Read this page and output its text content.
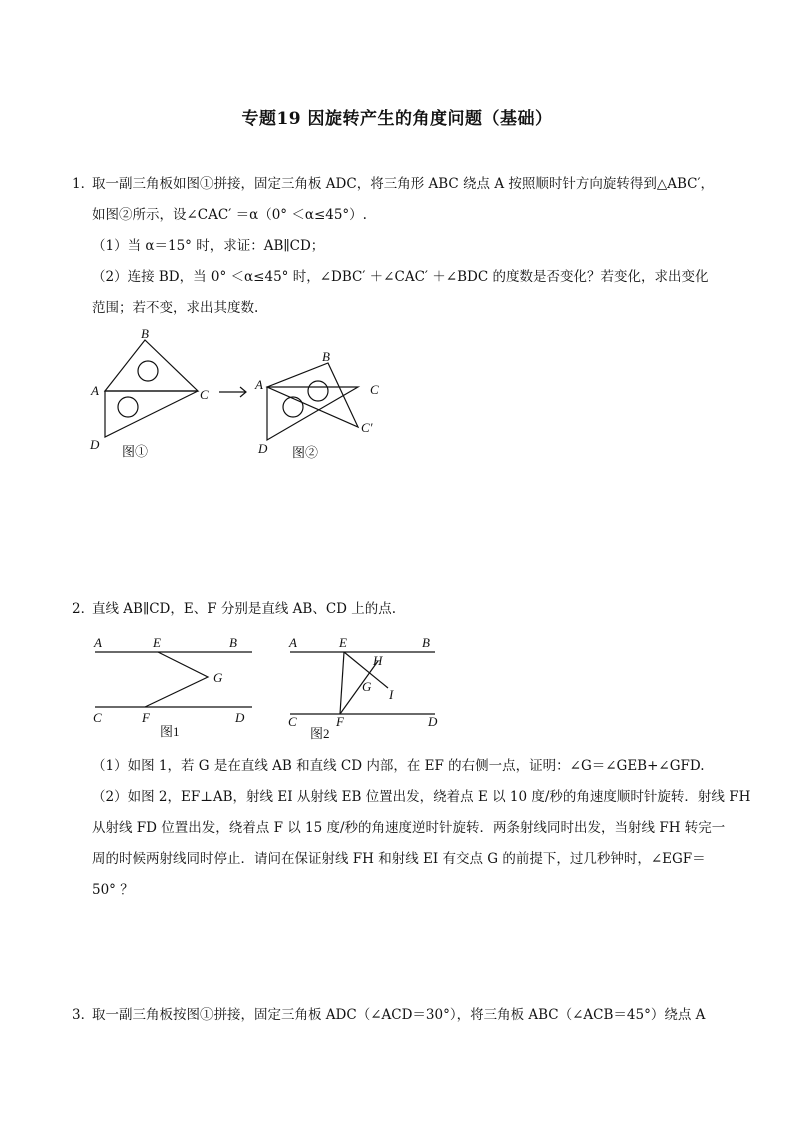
专题19 因旋转产生的角度问题（基础）
1．
取一副三角板如图①拼接，固定三角板 ADC，将三角形 ABC 绕点 A 按照顺时针方向旋转得到△ABC′，
如图②所示，设∠CAC′ ＝α（0° ＜α≤45°）.
（1）当 α＝15° 时，求证：AB∥CD；
（2）连接 BD，当 0° ＜α≤45° 时，∠DBC′ ＋∠CAC′ ＋∠BDC 的度数是否变化？若变化，求出变化
范围；若不变，求出其度数.
B
A	C
D 图①
B
A	C
C′
D 图②
2．
直线 AB∥CD，E、F 分别是直线 AB、CD 上的点.
A	E	B
G
C	F	D
图1
A	E	B
H
G
I
C	F	D
图2
（1）如图 1，若 G 是在直线 AB 和直线 CD 内部，在 EF 的右侧一点，证明：∠G＝∠GEB+∠GFD.
（2）如图 2，EF⊥AB，射线 EI 从射线 EB 位置出发，绕着点 E 以 10 度/秒的角速度顺时针旋转．射线 FH
从射线 FD 位置出发，绕着点 F 以 15 度/秒的角速度逆时针旋转．两条射线同时出发，当射线 FH 转完一
周的时候两射线同时停止．请问在保证射线 FH 和射线 EI 有交点 G 的前提下，过几秒钟时，∠EGF＝
50° ？
3．
取一副三角板按图①拼接，固定三角板 ADC（∠ACD＝30°），将三角板 ABC（∠ACB＝45°）绕点 A
